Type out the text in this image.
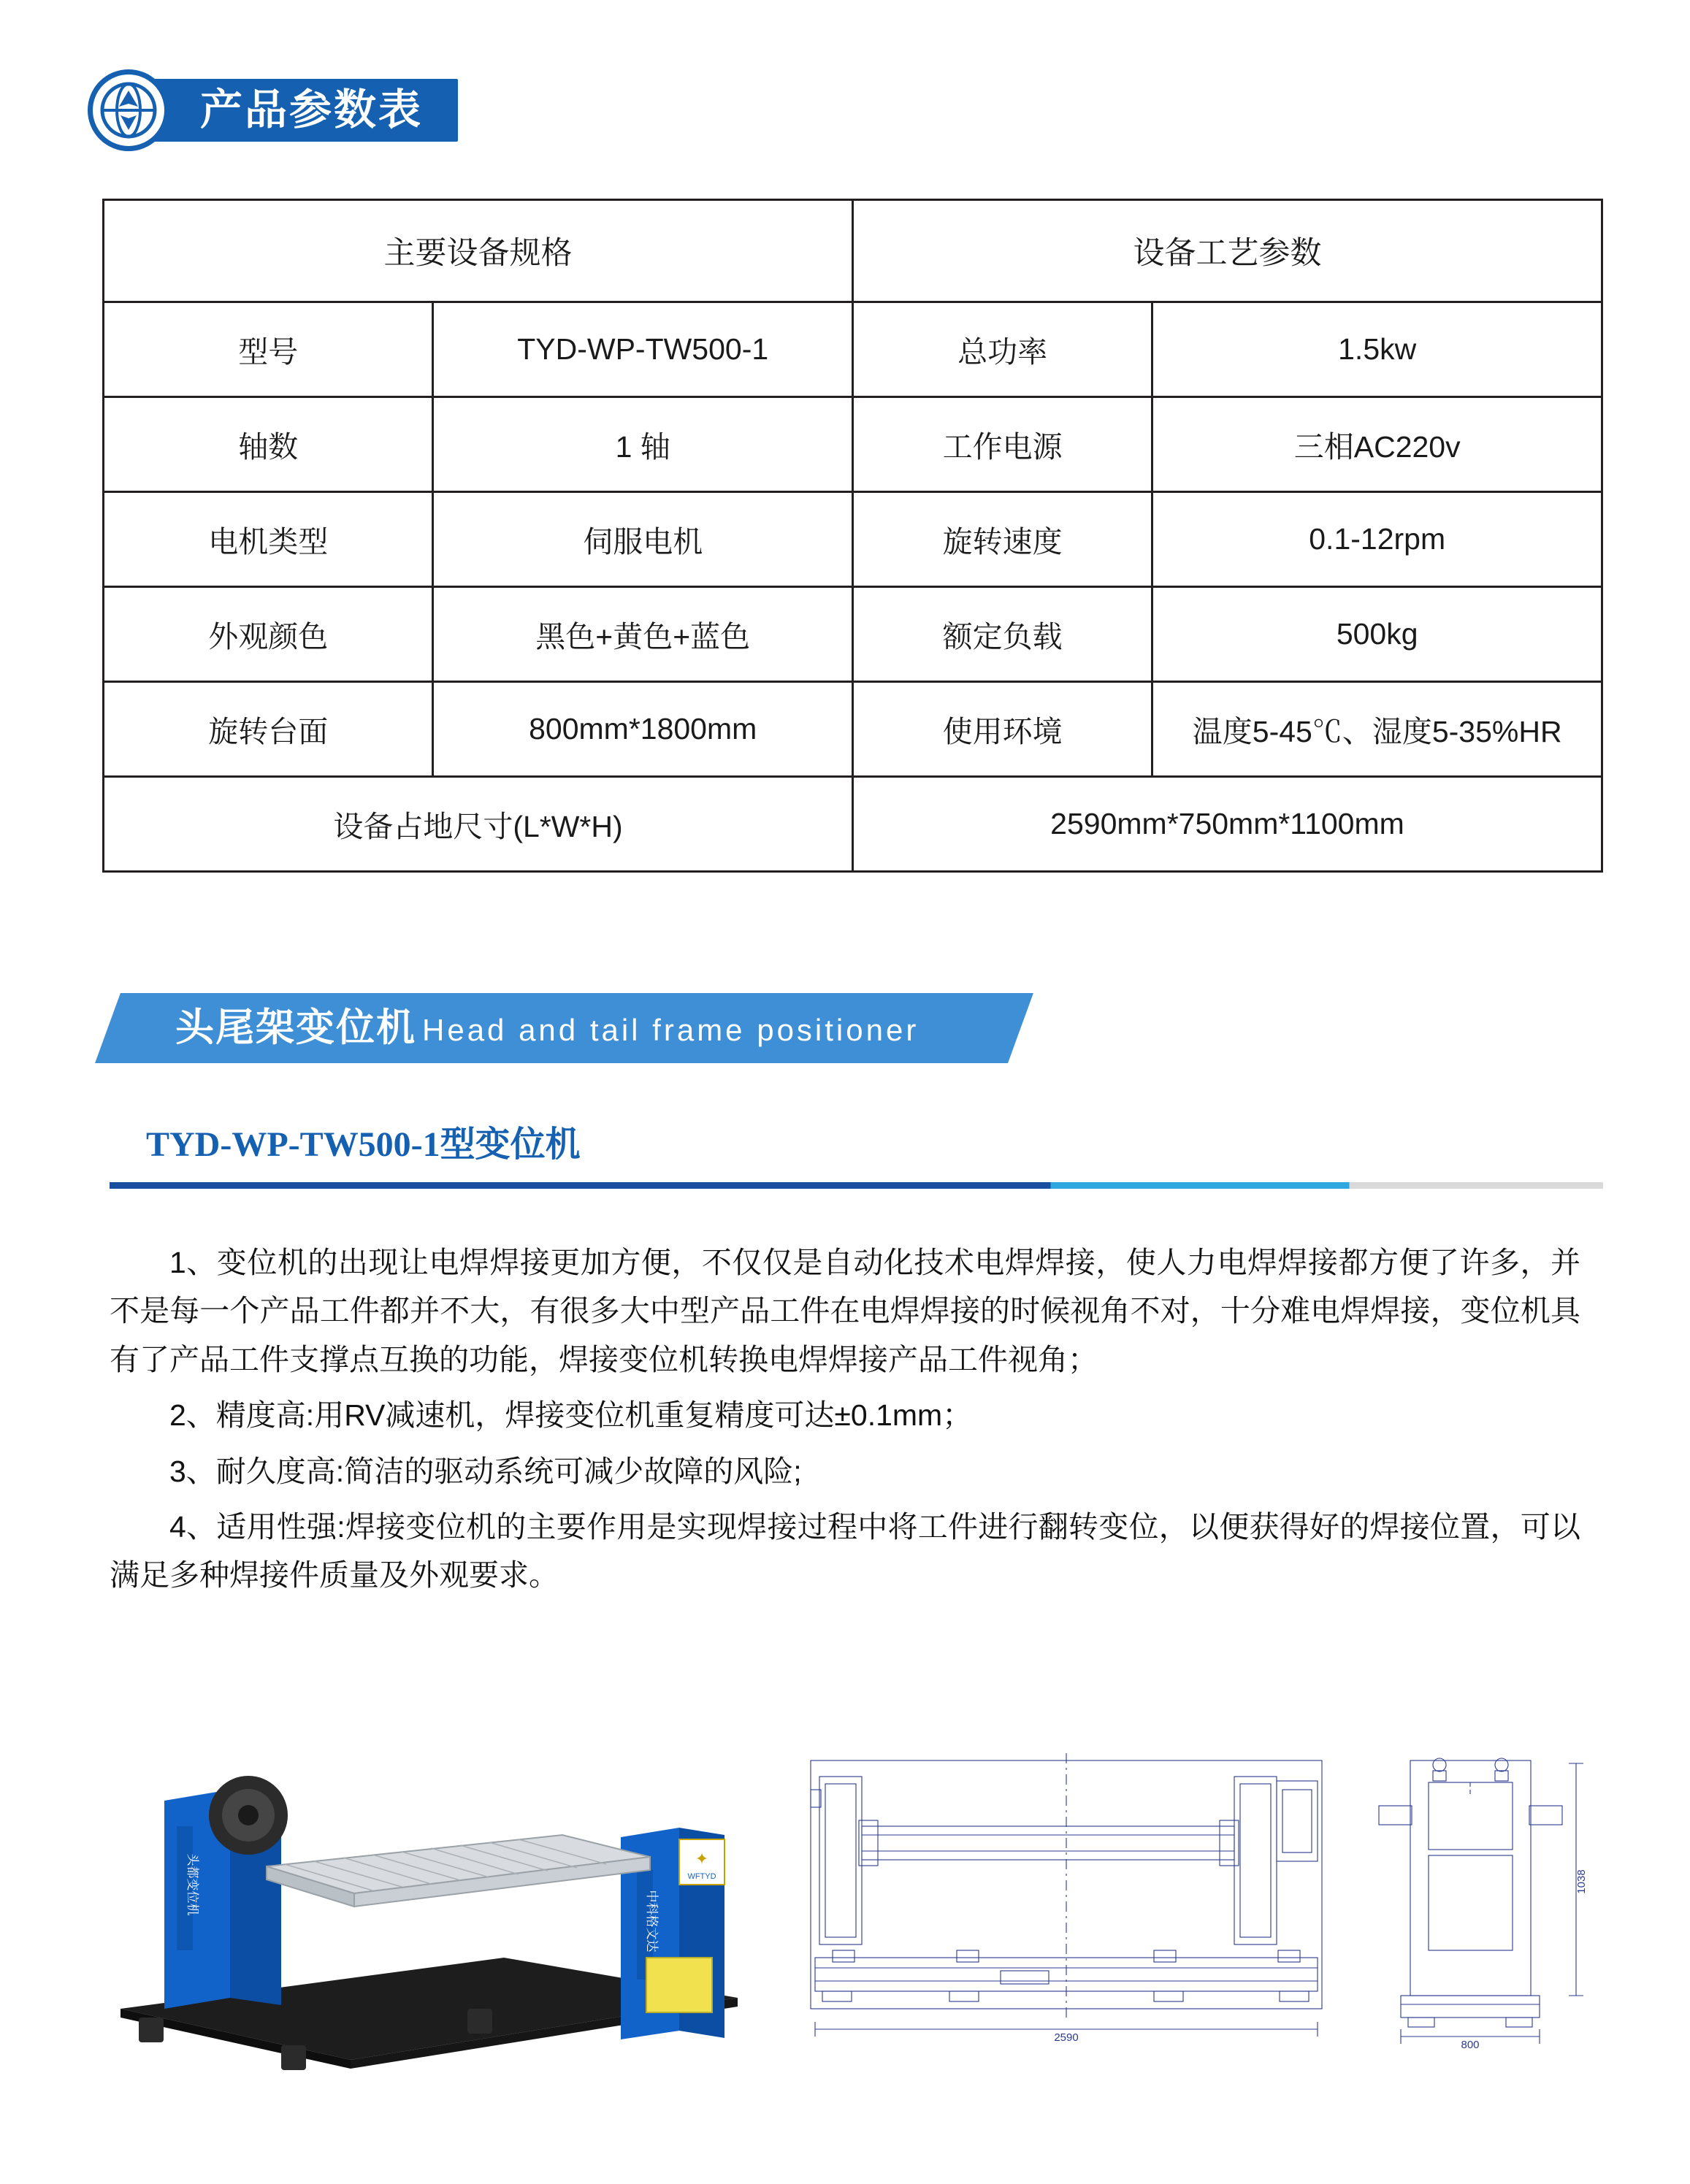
产品参数表
主要设备规格		设备工艺参数	
型号	TYD-WP-TW500-1	总功率	1.5kw
轴数	1 轴	工作电源	三相AC220v
电机类型	伺服电机	旋转速度	0.1-12rpm
外观颜色	黑色+黄色+蓝色	额定负载	500kg
旋转台面	800mm*1800mm	使用环境	温度5-45℃、湿度5-35%HR
设备占地尺寸(L*W*H)		2590mm*750mm*1100mm	
头尾架变位机 Head and tail frame positioner
TYD-WP-TW500-1型变位机

1、变位机的出现让电焊焊接更加方便，不仅仅是自动化技术电焊焊接，使人力电焊焊接都方便了许多，并不是每一个产品工件都并不大，有很多大中型产品工件在电焊焊接的时候视角不对，十分难电焊焊接，变位机具有了产品工件支撑点互换的功能，焊接变位机转换电焊焊接产品工件视角；

2、精度高:用RV减速机，焊接变位机重复精度可达±0.1mm；

3、耐久度高:简洁的驱动系统可减少故障的风险;

4、适用性强:焊接变位机的主要作用是实现焊接过程中将工件进行翻转变位，以便获得好的焊接位置，可以满足多种焊接件质量及外观要求。

头都变位机
中科格文达
✦
WFTYD
2590
1038
800
